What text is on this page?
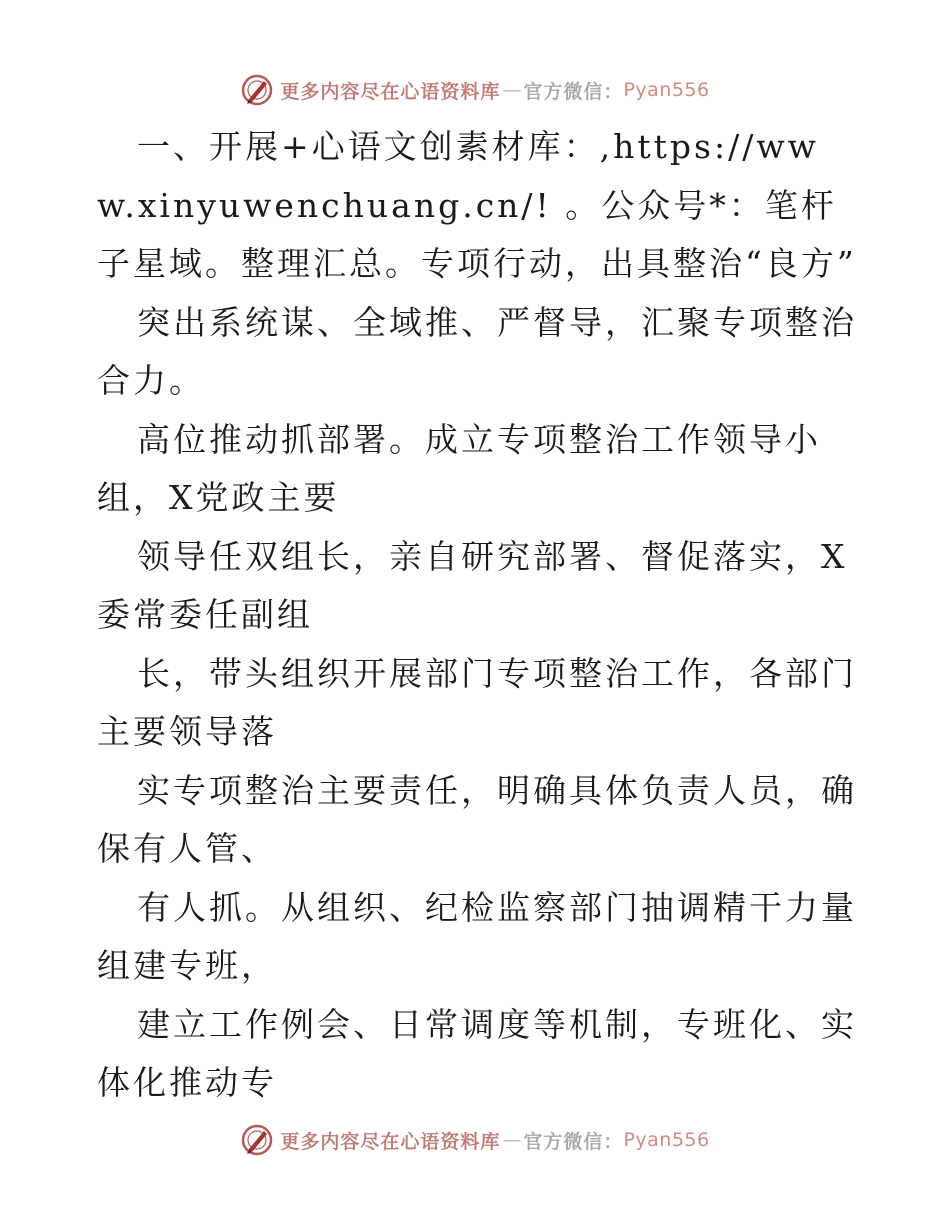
更多内容尽在心语资料库 — 官方微信： Pyan556

一、开展+心语文创素材库：,https://www.xinyuwenchuang.cn/! 。公众号*：笔杆子星域。整理汇总。专项行动，出具整治“良方”

突出系统谋、全域推、严督导，汇聚专项整治合力。

高位推动抓部署。成立专项整治工作领导小组，X党政主要

领导任双组长，亲自研究部署、督促落实，X委常委任副组

长，带头组织开展部门专项整治工作，各部门主要领导落

实专项整治主要责任，明确具体负责人员，确保有人管、

有人抓。从组织、纪检监察部门抽调精干力量组建专班，

建立工作例会、日常调度等机制，专班化、实体化推动专

更多内容尽在心语资料库 — 官方微信： Pyan556
